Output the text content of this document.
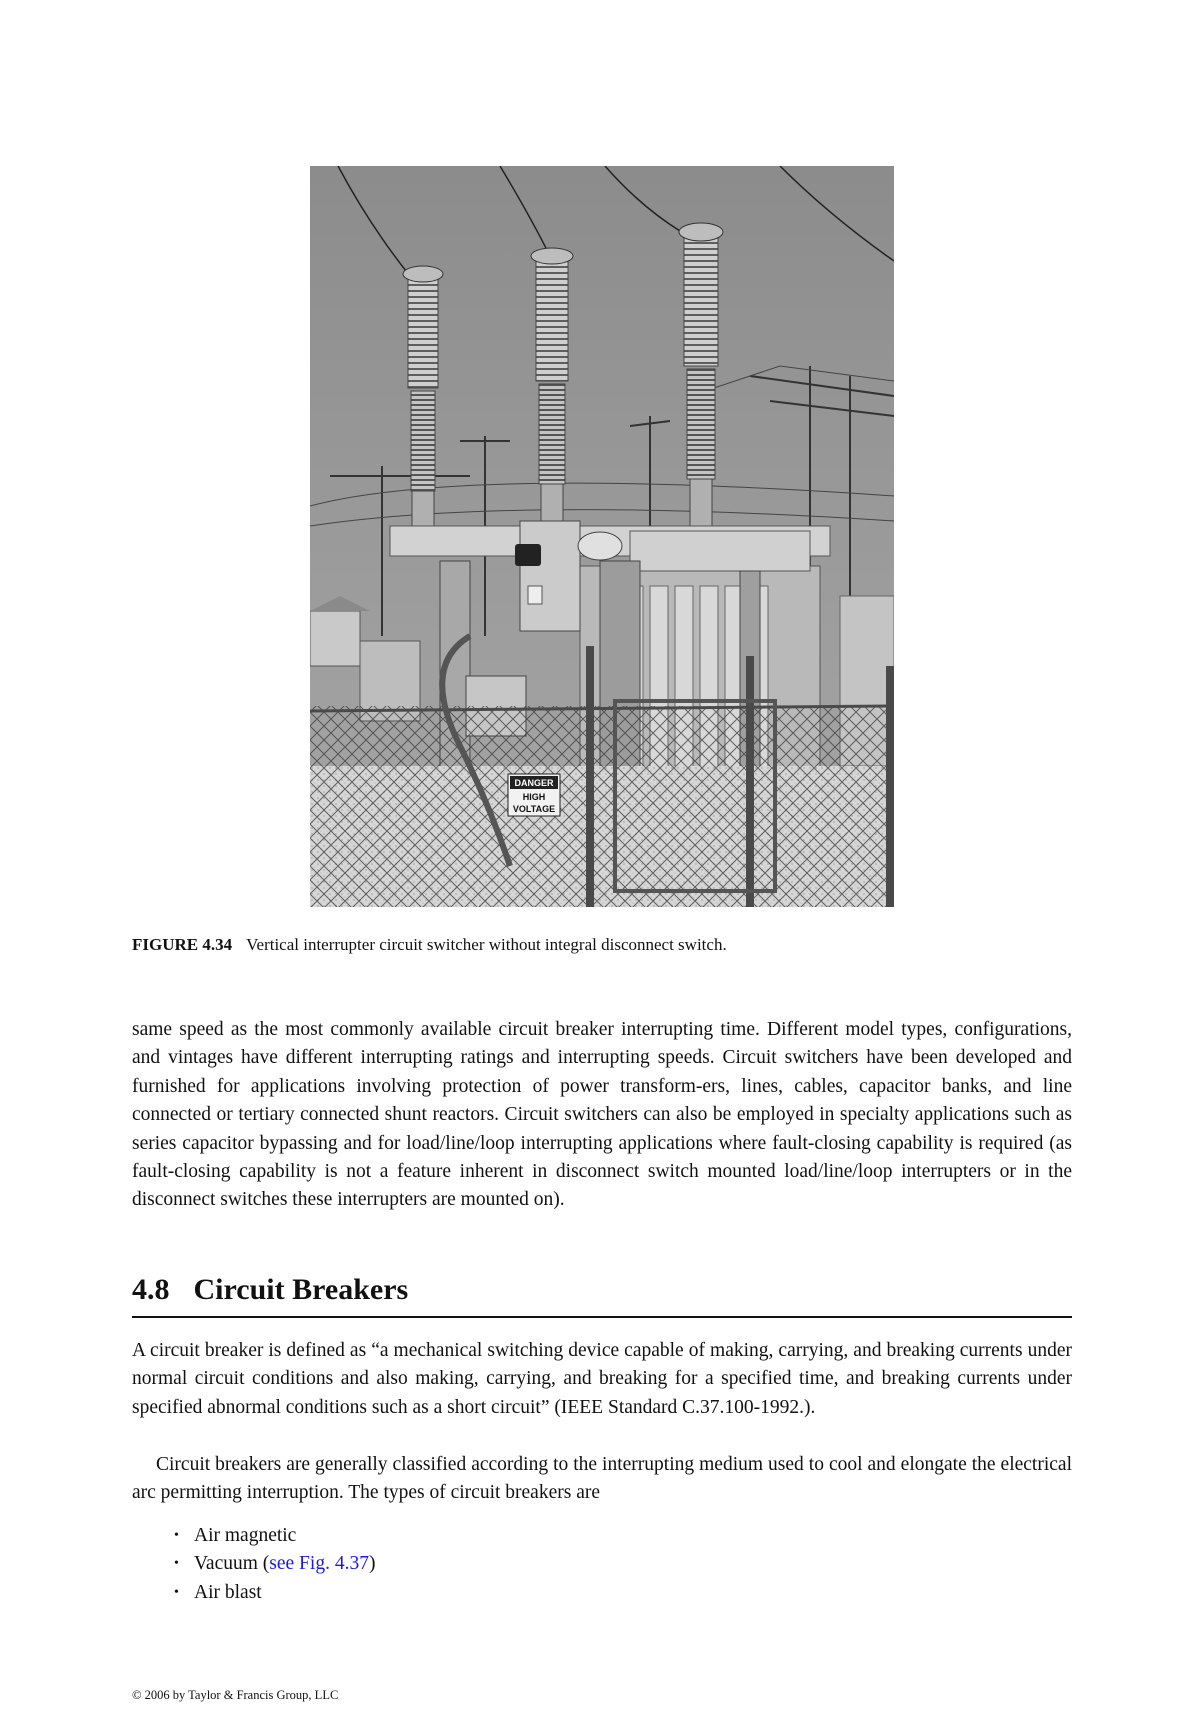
DANGER
HIGH
VOLTAGE
FIGURE 4.34 Vertical interrupter circuit switcher without integral disconnect switch.

same speed as the most commonly available circuit breaker interrupting time. Different model types, configurations, and vintages have different interrupting ratings and interrupting speeds. Circuit switchers have been developed and furnished for applications involving protection of power transform-ers, lines, cables, capacitor banks, and line connected or tertiary connected shunt reactors. Circuit switchers can also be employed in specialty applications such as series capacitor bypassing and for load/line/loop interrupting applications where fault-closing capability is required (as fault-closing capability is not a feature inherent in disconnect switch mounted load/line/loop interrupters or in the disconnect switches these interrupters are mounted on).

4.8 Circuit Breakers

A circuit breaker is defined as “a mechanical switching device capable of making, carrying, and breaking currents under normal circuit conditions and also making, carrying, and breaking for a specified time, and breaking currents under specified abnormal conditions such as a short circuit” (IEEE Standard C.37.100-1992.).

Circuit breakers are generally classified according to the interrupting medium used to cool and elongate the electrical arc permitting interruption. The types of circuit breakers are

• Air magnetic
• Vacuum (see Fig. 4.37)
• Air blast
© 2006 by Taylor & Francis Group, LLC
